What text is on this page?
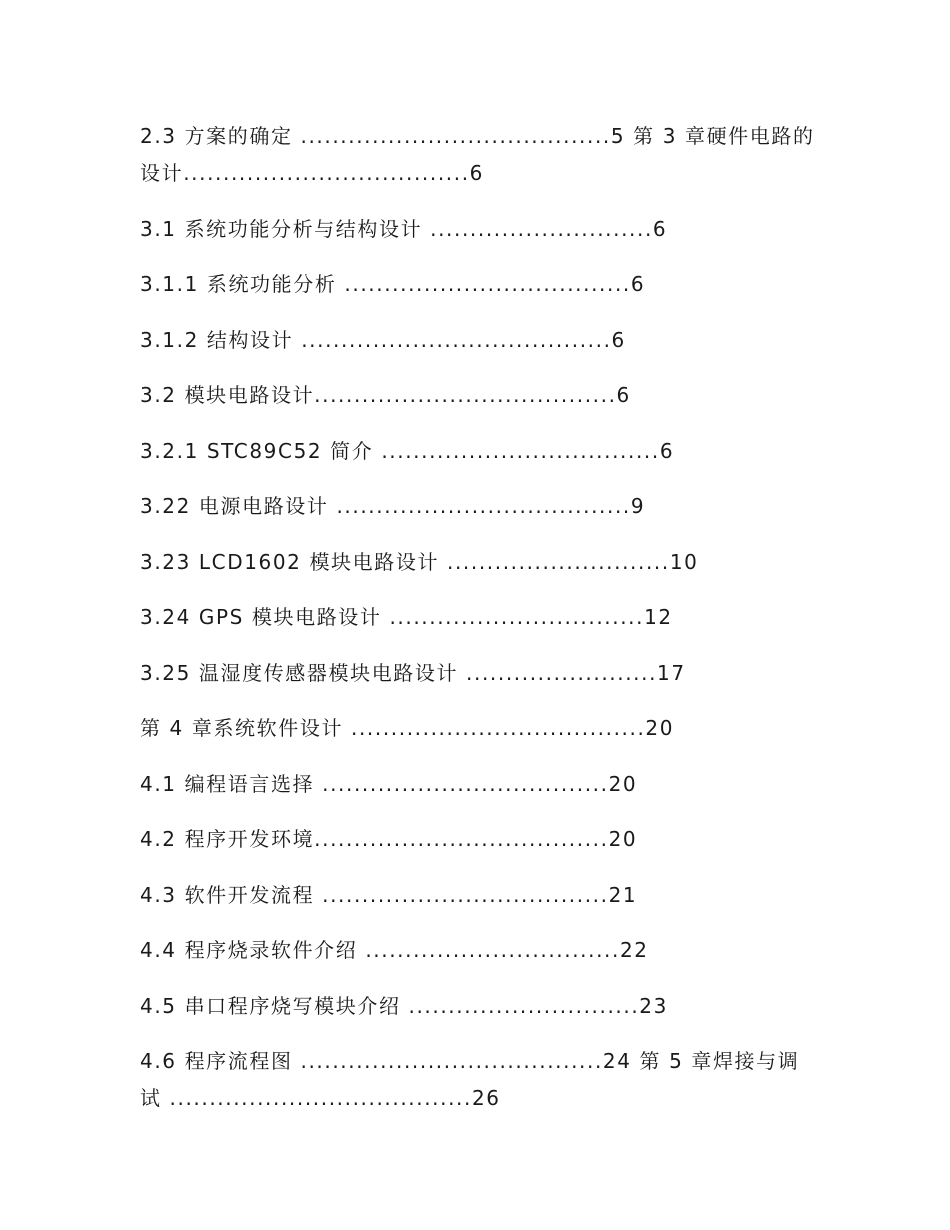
2.3 方案的确定 .......................................5 第 3 章硬件电路的设计....................................6
3.1 系统功能分析与结构设计 ............................6
3.1.1 系统功能分析 ....................................6
3.1.2 结构设计 .......................................6
3.2 模块电路设计......................................6
3.2.1 STC89C52 简介 ...................................6
3.22 电源电路设计 .....................................9
3.23 LCD1602 模块电路设计 ............................10
3.24 GPS 模块电路设计 ................................12
3.25 温湿度传感器模块电路设计 ........................17
第 4 章系统软件设计 .....................................20
4.1 编程语言选择 ....................................20
4.2 程序开发环境.....................................20
4.3 软件开发流程 ....................................21
4.4 程序烧录软件介绍 ................................22
4.5 串口程序烧写模块介绍 .............................23
4.6 程序流程图 ......................................24 第 5 章焊接与调试 ......................................26
